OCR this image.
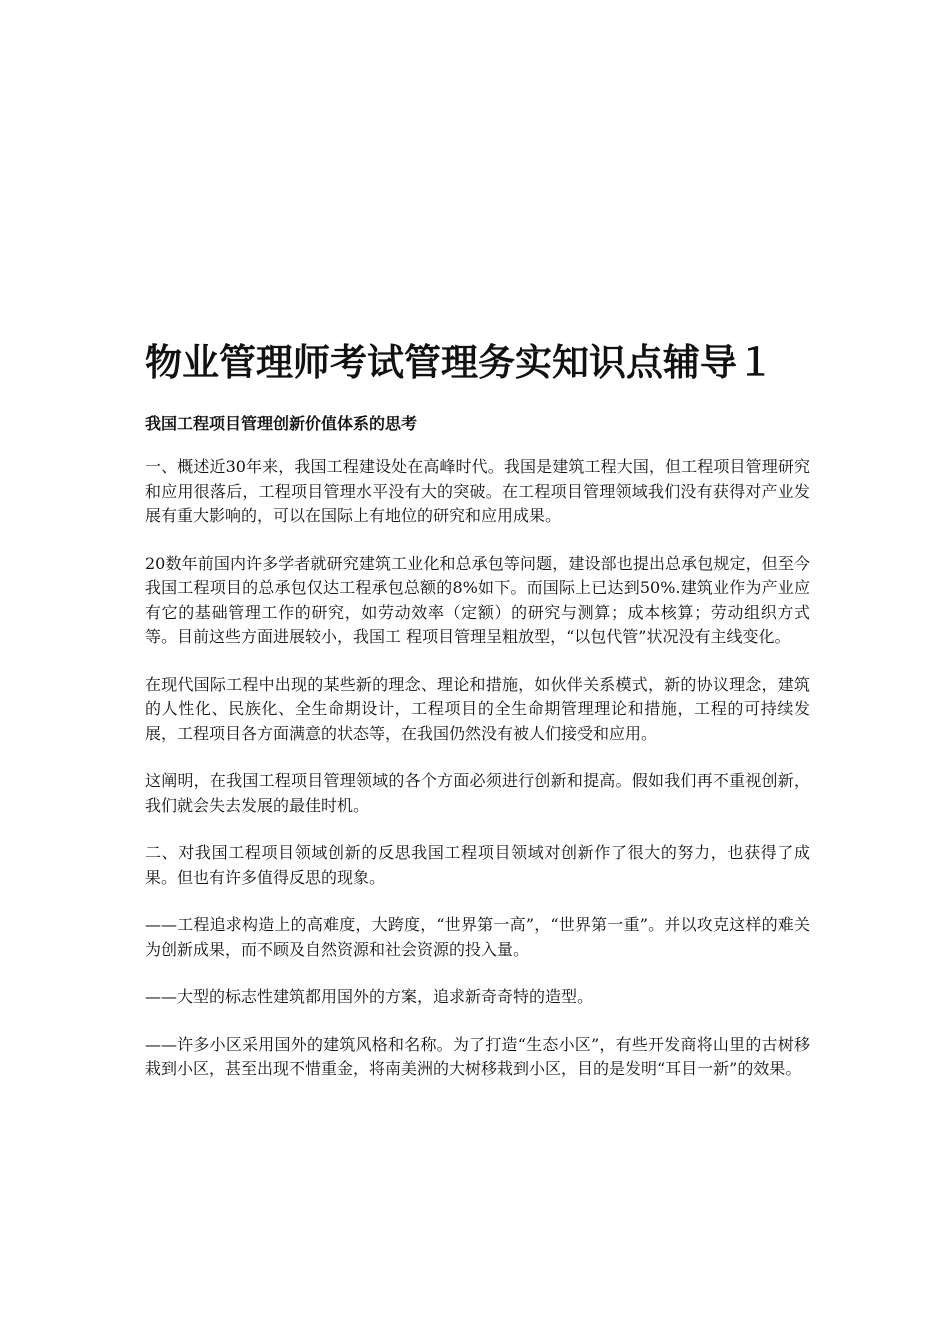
物业管理师考试管理务实知识点辅导１
我国工程项目管理创新价值体系的思考

一、概述近30年来，我国工程建设处在高峰时代。我国是建筑工程大国，但工程项目管理研究和应用很落后，工程项目管理水平没有大的突破。在工程项目管理领域我们没有获得对产业发展有重大影响的，可以在国际上有地位的研究和应用成果。

20数年前国内许多学者就研究建筑工业化和总承包等问题，建设部也提出总承包规定，但至今我国工程项目的总承包仅达工程承包总额的8%如下。而国际上已达到50%.建筑业作为产业应有它的基础管理工作的研究，如劳动效率（定额）的研究与测算；成本核算；劳动组织方式等。目前这些方面进展较小，我国工 程项目管理呈粗放型，“以包代管”状况没有主线变化。

在现代国际工程中出现的某些新的理念、理论和措施，如伙伴关系模式，新的协议理念，建筑的人性化、民族化、全生命期设计，工程项目的全生命期管理理论和措施，工程的可持续发展，工程项目各方面满意的状态等，在我国仍然没有被人们接受和应用。

这阐明，在我国工程项目管理领域的各个方面必须进行创新和提高。假如我们再不重视创新，我们就会失去发展的最佳时机。

二、对我国工程项目领域创新的反思我国工程项目领域对创新作了很大的努力，也获得了成果。但也有许多值得反思的现象。

——工程追求构造上的高难度，大跨度，“世界第一高”，“世界第一重”。并以攻克这样的难关为创新成果，而不顾及自然资源和社会资源的投入量。

——大型的标志性建筑都用国外的方案，追求新奇奇特的造型。

——许多小区采用国外的建筑风格和名称。为了打造“生态小区”，有些开发商将山里的古树移栽到小区，甚至出现不惜重金，将南美洲的大树移栽到小区，目的是发明“耳目一新”的效果。
